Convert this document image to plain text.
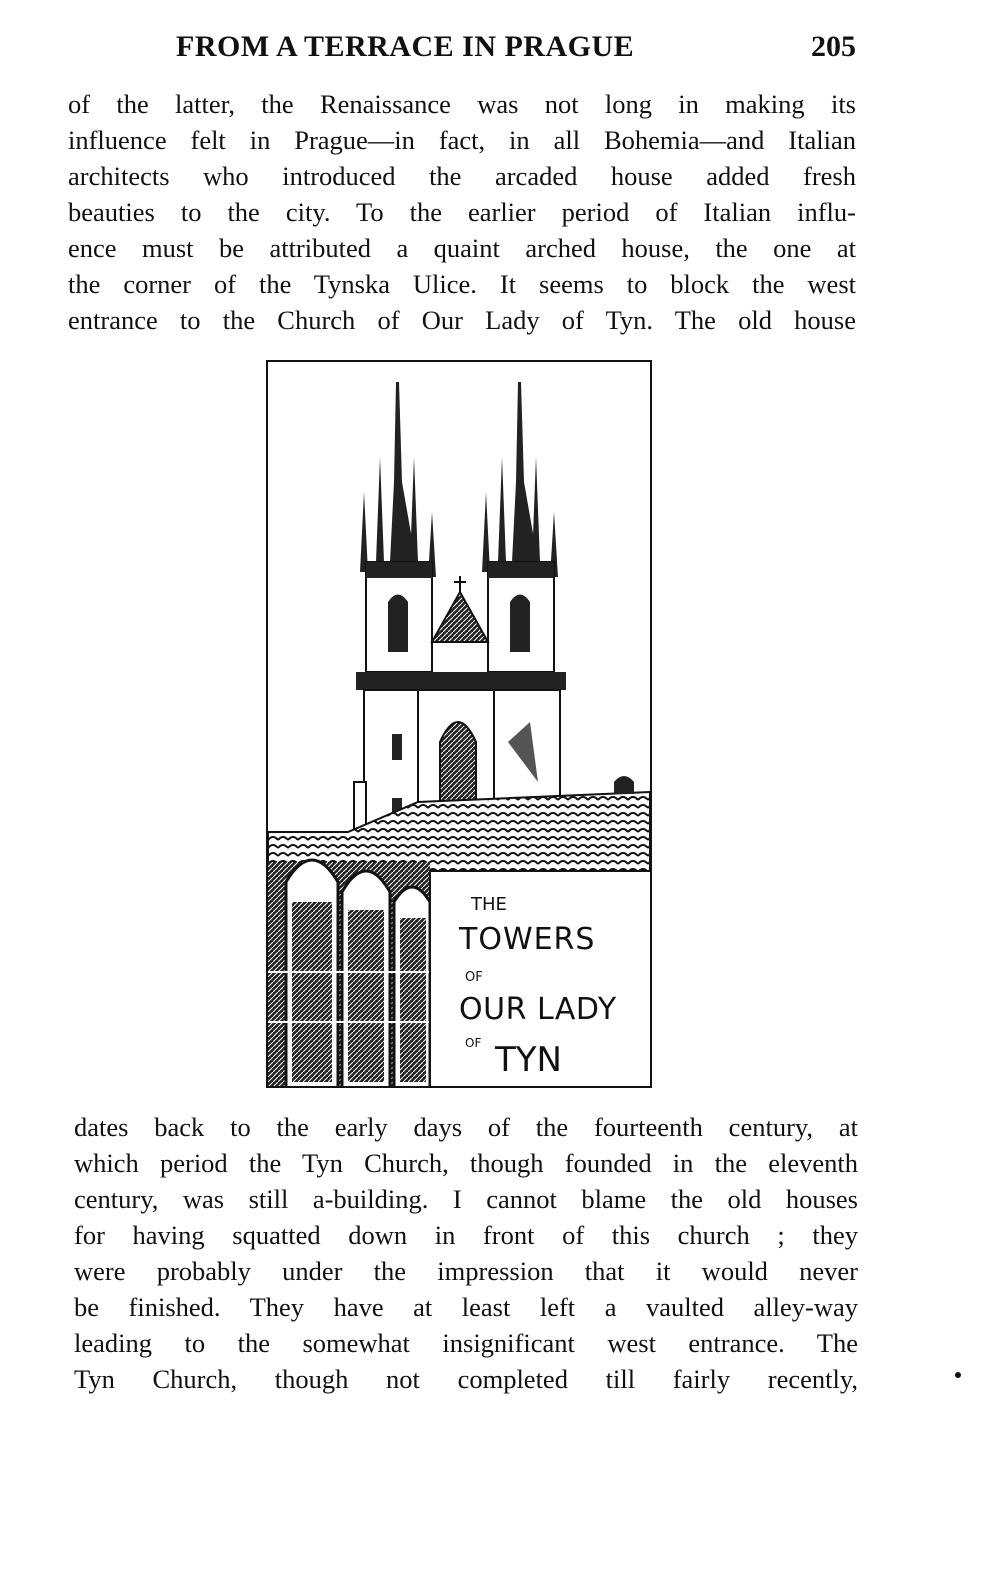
FROM A TERRACE IN PRAGUE	205
of the latter, the Renaissance was not long in making its
influence felt in Prague—in fact, in all Bohemia—and Italian
architects who introduced the arcaded house added fresh
beauties to the city. To the earlier period of Italian influ-
ence must be attributed a quaint arched house, the one at
the corner of the Tynska Ulice. It seems to block the west
entrance to the Church of Our Lady of Tyn. The old house
THE
TOWERS
OF
OUR LADY
OF TYN
dates back to the early days of the fourteenth century, at
which period the Tyn Church, though founded in the eleventh
century, was still a-building. I cannot blame the old houses
for having squatted down in front of this church ; they
were probably under the impression that it would never
be finished. They have at least left a vaulted alley-way
leading to the somewhat insignificant west entrance. The
Tyn Church, though not completed till fairly recently,
